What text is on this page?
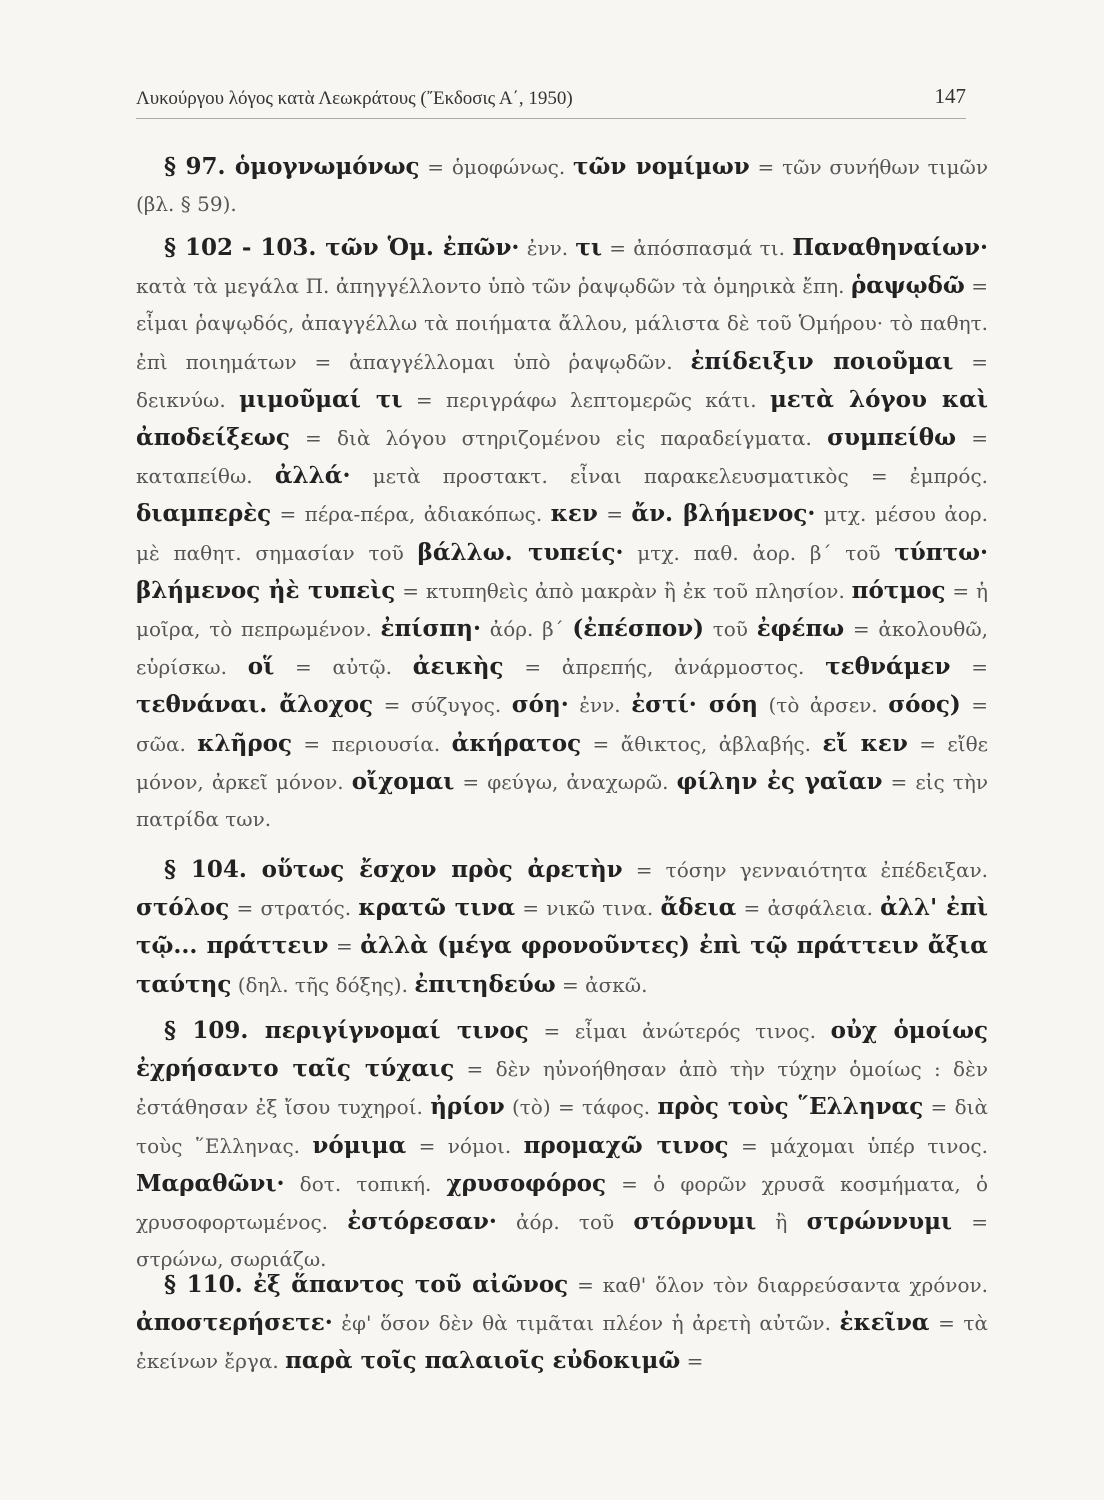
Λυκούργου λόγος κατὰ Λεωκράτους (῎Εκδοσις Α΄, 1950)	147

§ 97. ὁμογνωμόνως = ὁμοφώνως. τῶν νομίμων = τῶν συνήθων τιμῶν (βλ. § 59).

§ 102 - 103. τῶν Ὁμ. ἐπῶν· ἐνν. τι = ἀπόσπασμά τι. Παναθηναίων· κατὰ τὰ μεγάλα Π. ἀπηγγέλλοντο ὑπὸ τῶν ῥαψῳδῶν τὰ ὁμηρικὰ ἔπη. ῥαψῳδῶ = εἶμαι ῥαψῳδός, ἀπαγγέλλω τὰ ποιήματα ἄλλου, μάλιστα δὲ τοῦ Ὁμήρου· τὸ παθητ. ἐπὶ ποιημάτων = ἀπαγγέλλομαι ὑπὸ ῥαψῳδῶν. ἐπίδειξιν ποιοῦμαι = δεικνύω. μιμοῦμαί τι = περιγράφω λεπτομερῶς κάτι. μετὰ λόγου καὶ ἀποδείξεως = διὰ λόγου στηριζομένου εἰς παραδείγματα. συμπείθω = καταπείθω. ἀλλά· μετὰ προστακτ. εἶναι παρακελευσματικὸς = ἐμπρός. διαμπερὲς = πέρα-πέρα, ἀδιακόπως. κεν = ἄν. βλήμενος· μτχ. μέσου ἀορ. μὲ παθητ. σημασίαν τοῦ βάλλω. τυπείς· μτχ. παθ. ἀορ. β΄ τοῦ τύπτω· βλήμενος ἠὲ τυπεὶς = κτυπηθεὶς ἀπὸ μακρὰν ἢ ἐκ τοῦ πλησίον. πότμος = ἡ μοῖρα, τὸ πεπρωμένον. ἐπίσπη· ἀόρ. β΄ (ἐπέσπον) τοῦ ἐφέπω = ἀκολουθῶ, εὑρίσκω. οἵ = αὐτῷ. ἀεικὴς = ἀπρεπής, ἀνάρμοστος. τεθνάμεν = τεθνάναι. ἄλοχος = σύζυγος. σόη· ἐνν. ἐστί· σόη (τὸ ἀρσεν. σόος) = σῶα. κλῆρος = περιουσία. ἀκήρατος = ἄθικτος, ἀβλαβής. εἴ κεν = εἴθε μόνον, ἀρκεῖ μόνον. οἴχομαι = φεύγω, ἀναχωρῶ. φίλην ἐς γαῖαν = εἰς τὴν πατρίδα των.

§ 104. οὕτως ἔσχον πρὸς ἀρετὴν = τόσην γενναιότητα ἐπέδειξαν. στόλος = στρατός. κρατῶ τινα = νικῶ τινα. ἄδεια = ἀσφάλεια. ἀλλ' ἐπὶ τῷ... πράττειν = ἀλλὰ (μέγα φρονοῦντες) ἐπὶ τῷ πράττειν ἄξια ταύτης (δηλ. τῆς δόξης). ἐπιτηδεύω = ἀσκῶ.

§ 109. περιγίγνομαί τινος = εἶμαι ἀνώτερός τινος. οὐχ ὁμοίως ἐχρήσαντο ταῖς τύχαις = δὲν ηὐνοήθησαν ἀπὸ τὴν τύχην ὁμοίως : δὲν ἐστάθησαν ἐξ ἴσου τυχηροί. ἠρίον (τὸ) = τάφος. πρὸς τοὺς ῞Ελληνας = διὰ τοὺς ῞Ελληνας. νόμιμα = νόμοι. προμαχῶ τινος = μάχομαι ὑπέρ τινος. Μαραθῶνι· δοτ. τοπική. χρυσοφόρος = ὁ φορῶν χρυσᾶ κοσμήματα, ὁ χρυσοφορτωμένος. ἐστόρεσαν· ἀόρ. τοῦ στόρνυμι ἢ στρώννυμι = στρώνω, σωριάζω.

§ 110. ἐξ ἅπαντος τοῦ αἰῶνος = καθ' ὅλον τὸν διαρρεύσαντα χρόνον. ἀποστερήσετε· ἐφ' ὅσον δὲν θὰ τιμᾶται πλέον ἡ ἀρετὴ αὐτῶν. ἐκεῖνα = τὰ ἐκείνων ἔργα. παρὰ τοῖς παλαιοῖς εὐδοκιμῶ =
